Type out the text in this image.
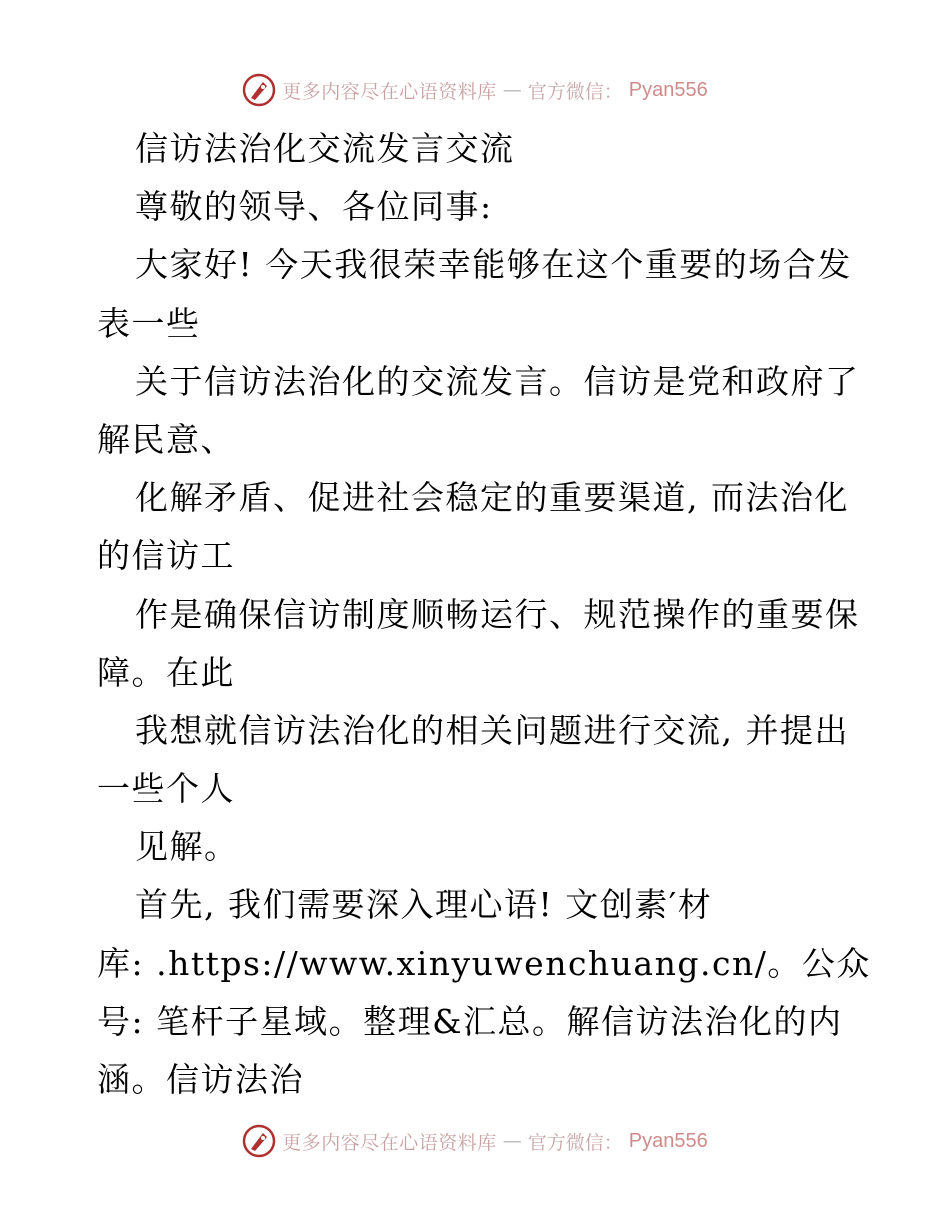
更多内容尽在心语资料库 — 官方微信： Pyan556
信访法治化交流发言交流
尊敬的领导、各位同事:
大家好! 今天我很荣幸能够在这个重要的场合发
表一些
关于信访法治化的交流发言。信访是党和政府了
解民意、
化解矛盾、促进社会稳定的重要渠道, 而法治化
的信访工
作是确保信访制度顺畅运行、规范操作的重要保
障。在此
我想就信访法治化的相关问题进行交流, 并提出
一些个人
见解。
首先, 我们需要深入理心语! 文创素′材
库: .https://www.xinyuwenchuang.cn/。公众
号: 笔杆子星域。整理&汇总。解信访法治化的内
涵。信访法治
更多内容尽在心语资料库 — 官方微信： Pyan556
